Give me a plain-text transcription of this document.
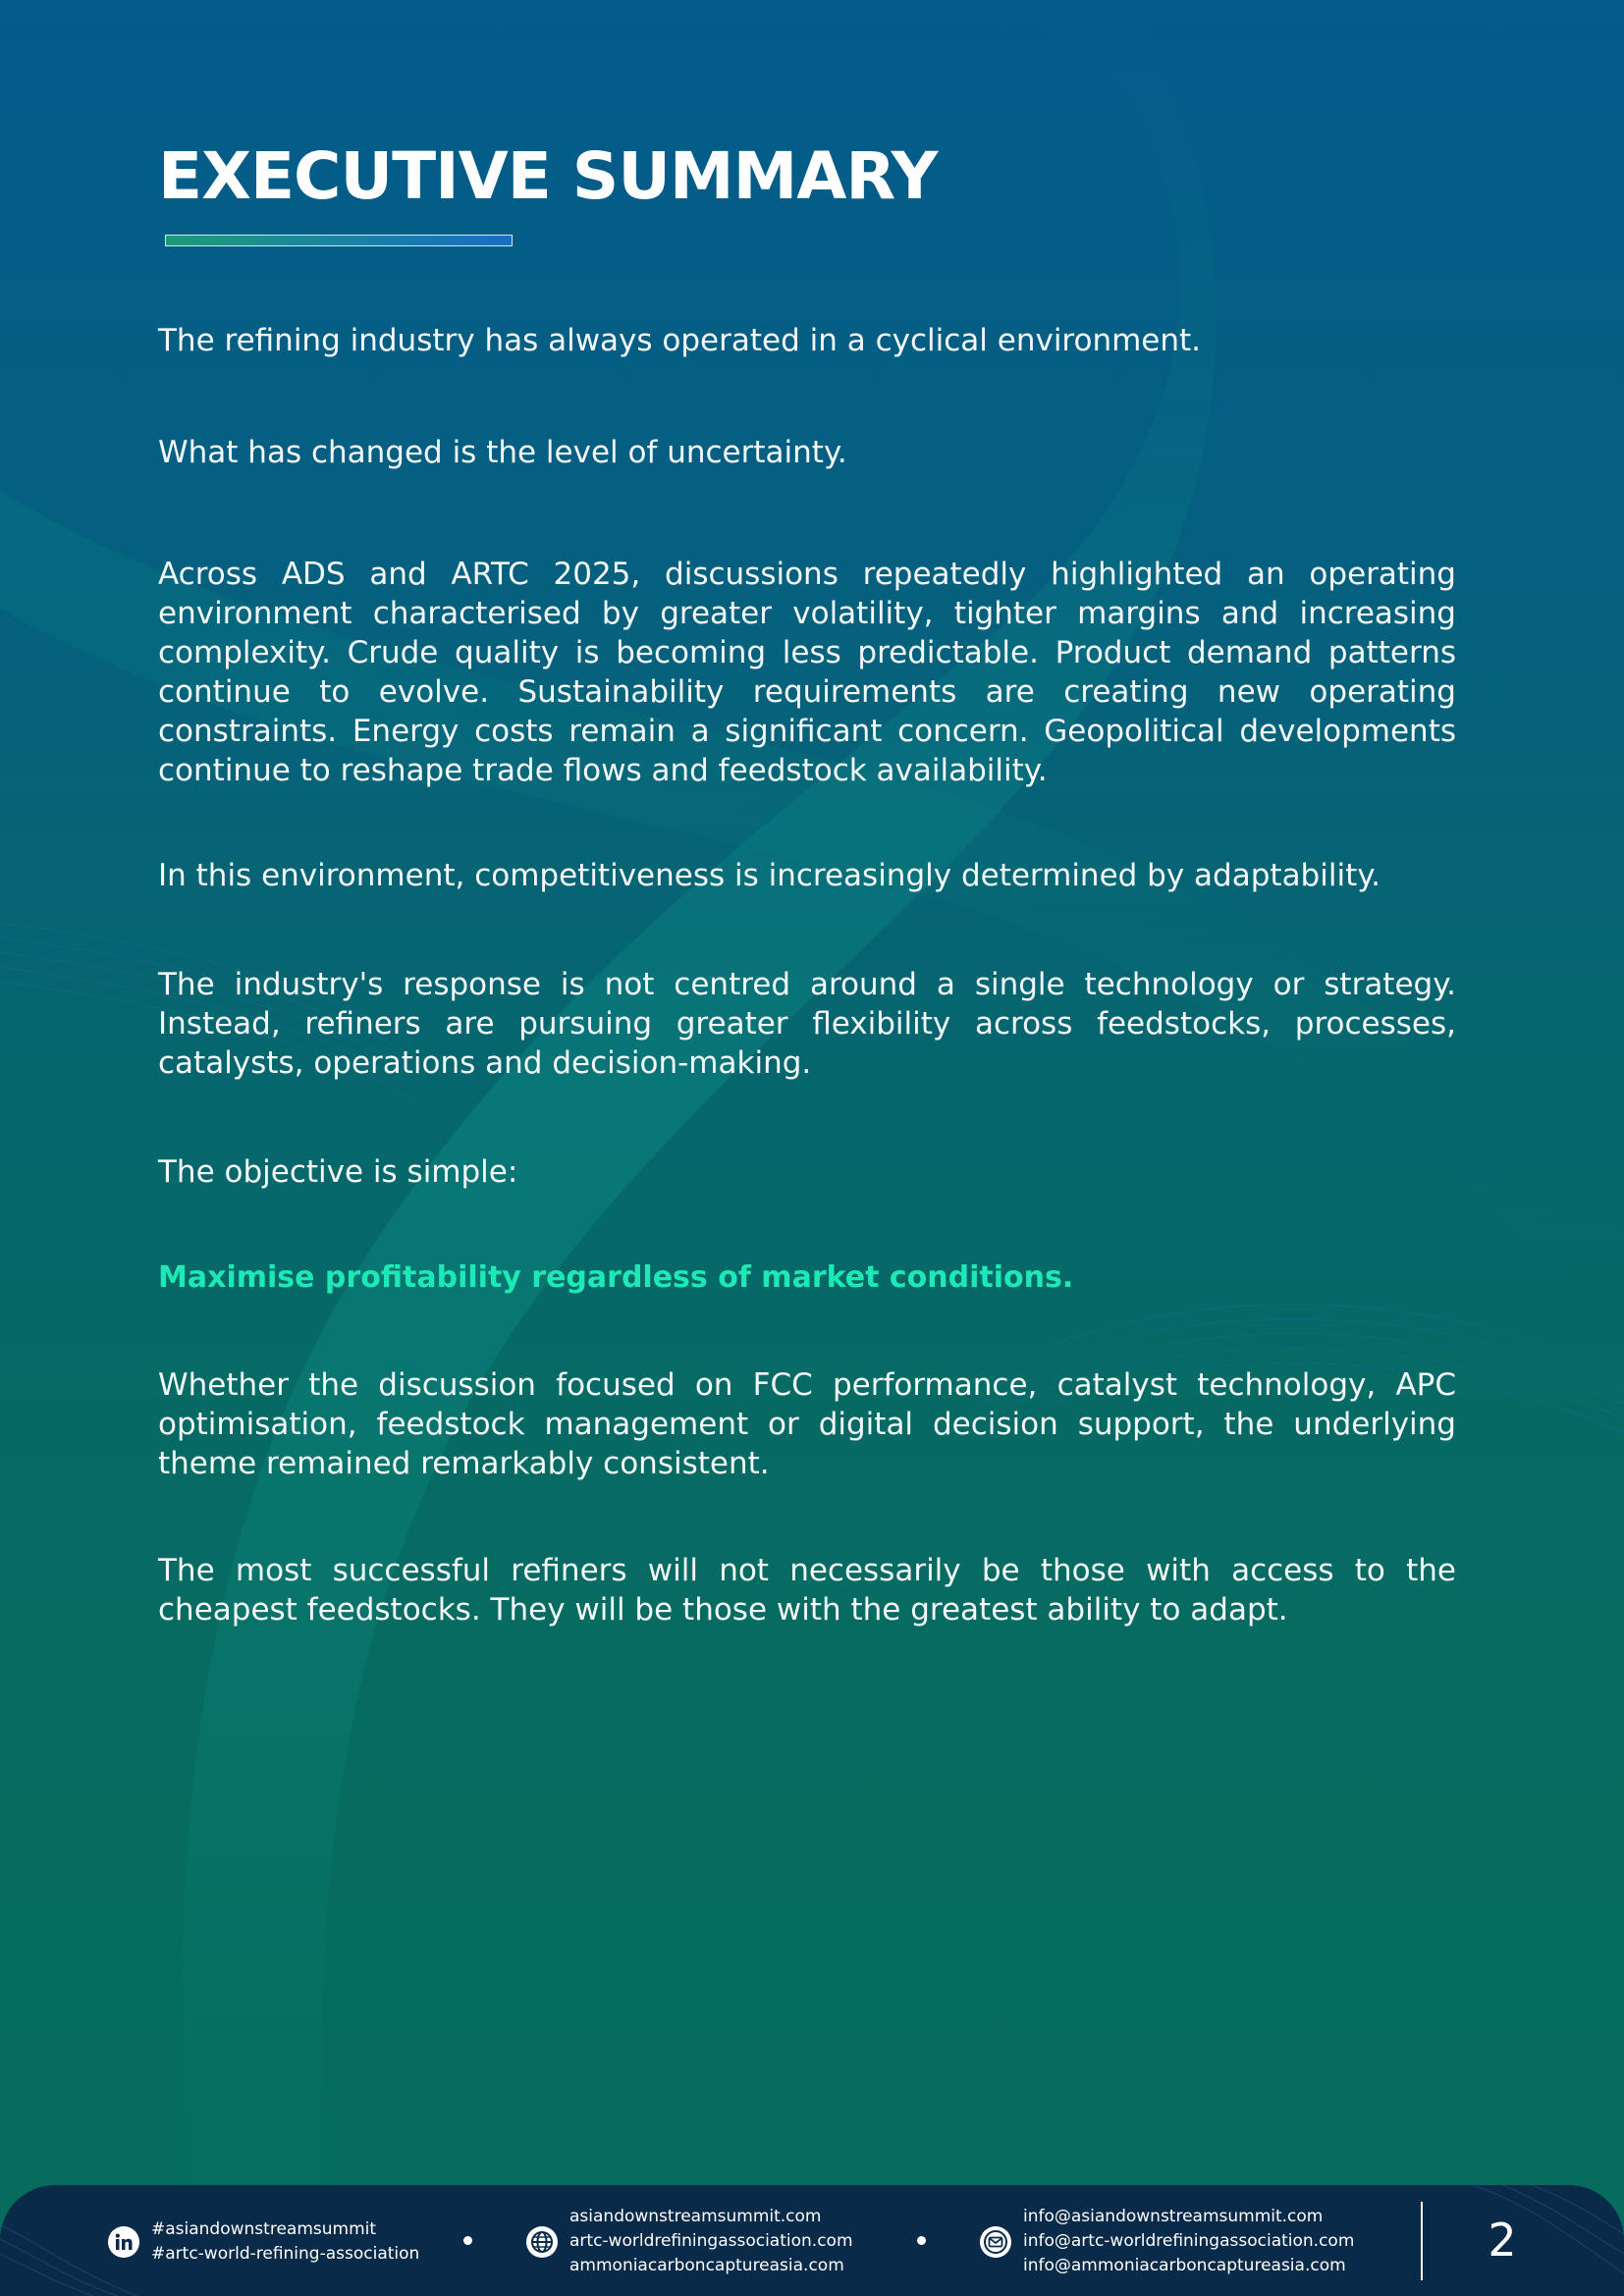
EXECUTIVE SUMMARY

The refining industry has always operated in a cyclical environment.

What has changed is the level of uncertainty.

Across ADS and ARTC 2025, discussions repeatedly highlighted an operating environment characterised by greater volatility, tighter margins and increasing complexity. Crude quality is becoming less predictable. Product demand patterns continue to evolve. Sustainability requirements are creating new operating constraints. Energy costs remain a significant concern. Geopolitical developments continue to reshape trade flows and feedstock availability.

In this environment, competitiveness is increasingly determined by adaptability.

The industry's response is not centred around a single technology or strategy. Instead, refiners are pursuing greater flexibility across feedstocks, processes, catalysts, operations and decision-making.

The objective is simple:

Maximise profitability regardless of market conditions.

Whether the discussion focused on FCC performance, catalyst technology, APC optimisation, feedstock management or digital decision support, the underlying theme remained remarkably consistent.

The most successful refiners will not necessarily be those with access to the cheapest feedstocks. They will be those with the greatest ability to adapt.

#asiandownstreamsummit
#artc-world-refining-association
asiandownstreamsummit.com
artc-worldrefiningassociation.com
ammoniacarboncaptureasia.com
info@asiandownstreamsummit.com
info@artc-worldrefiningassociation.com
info@ammoniacarboncaptureasia.com	2
